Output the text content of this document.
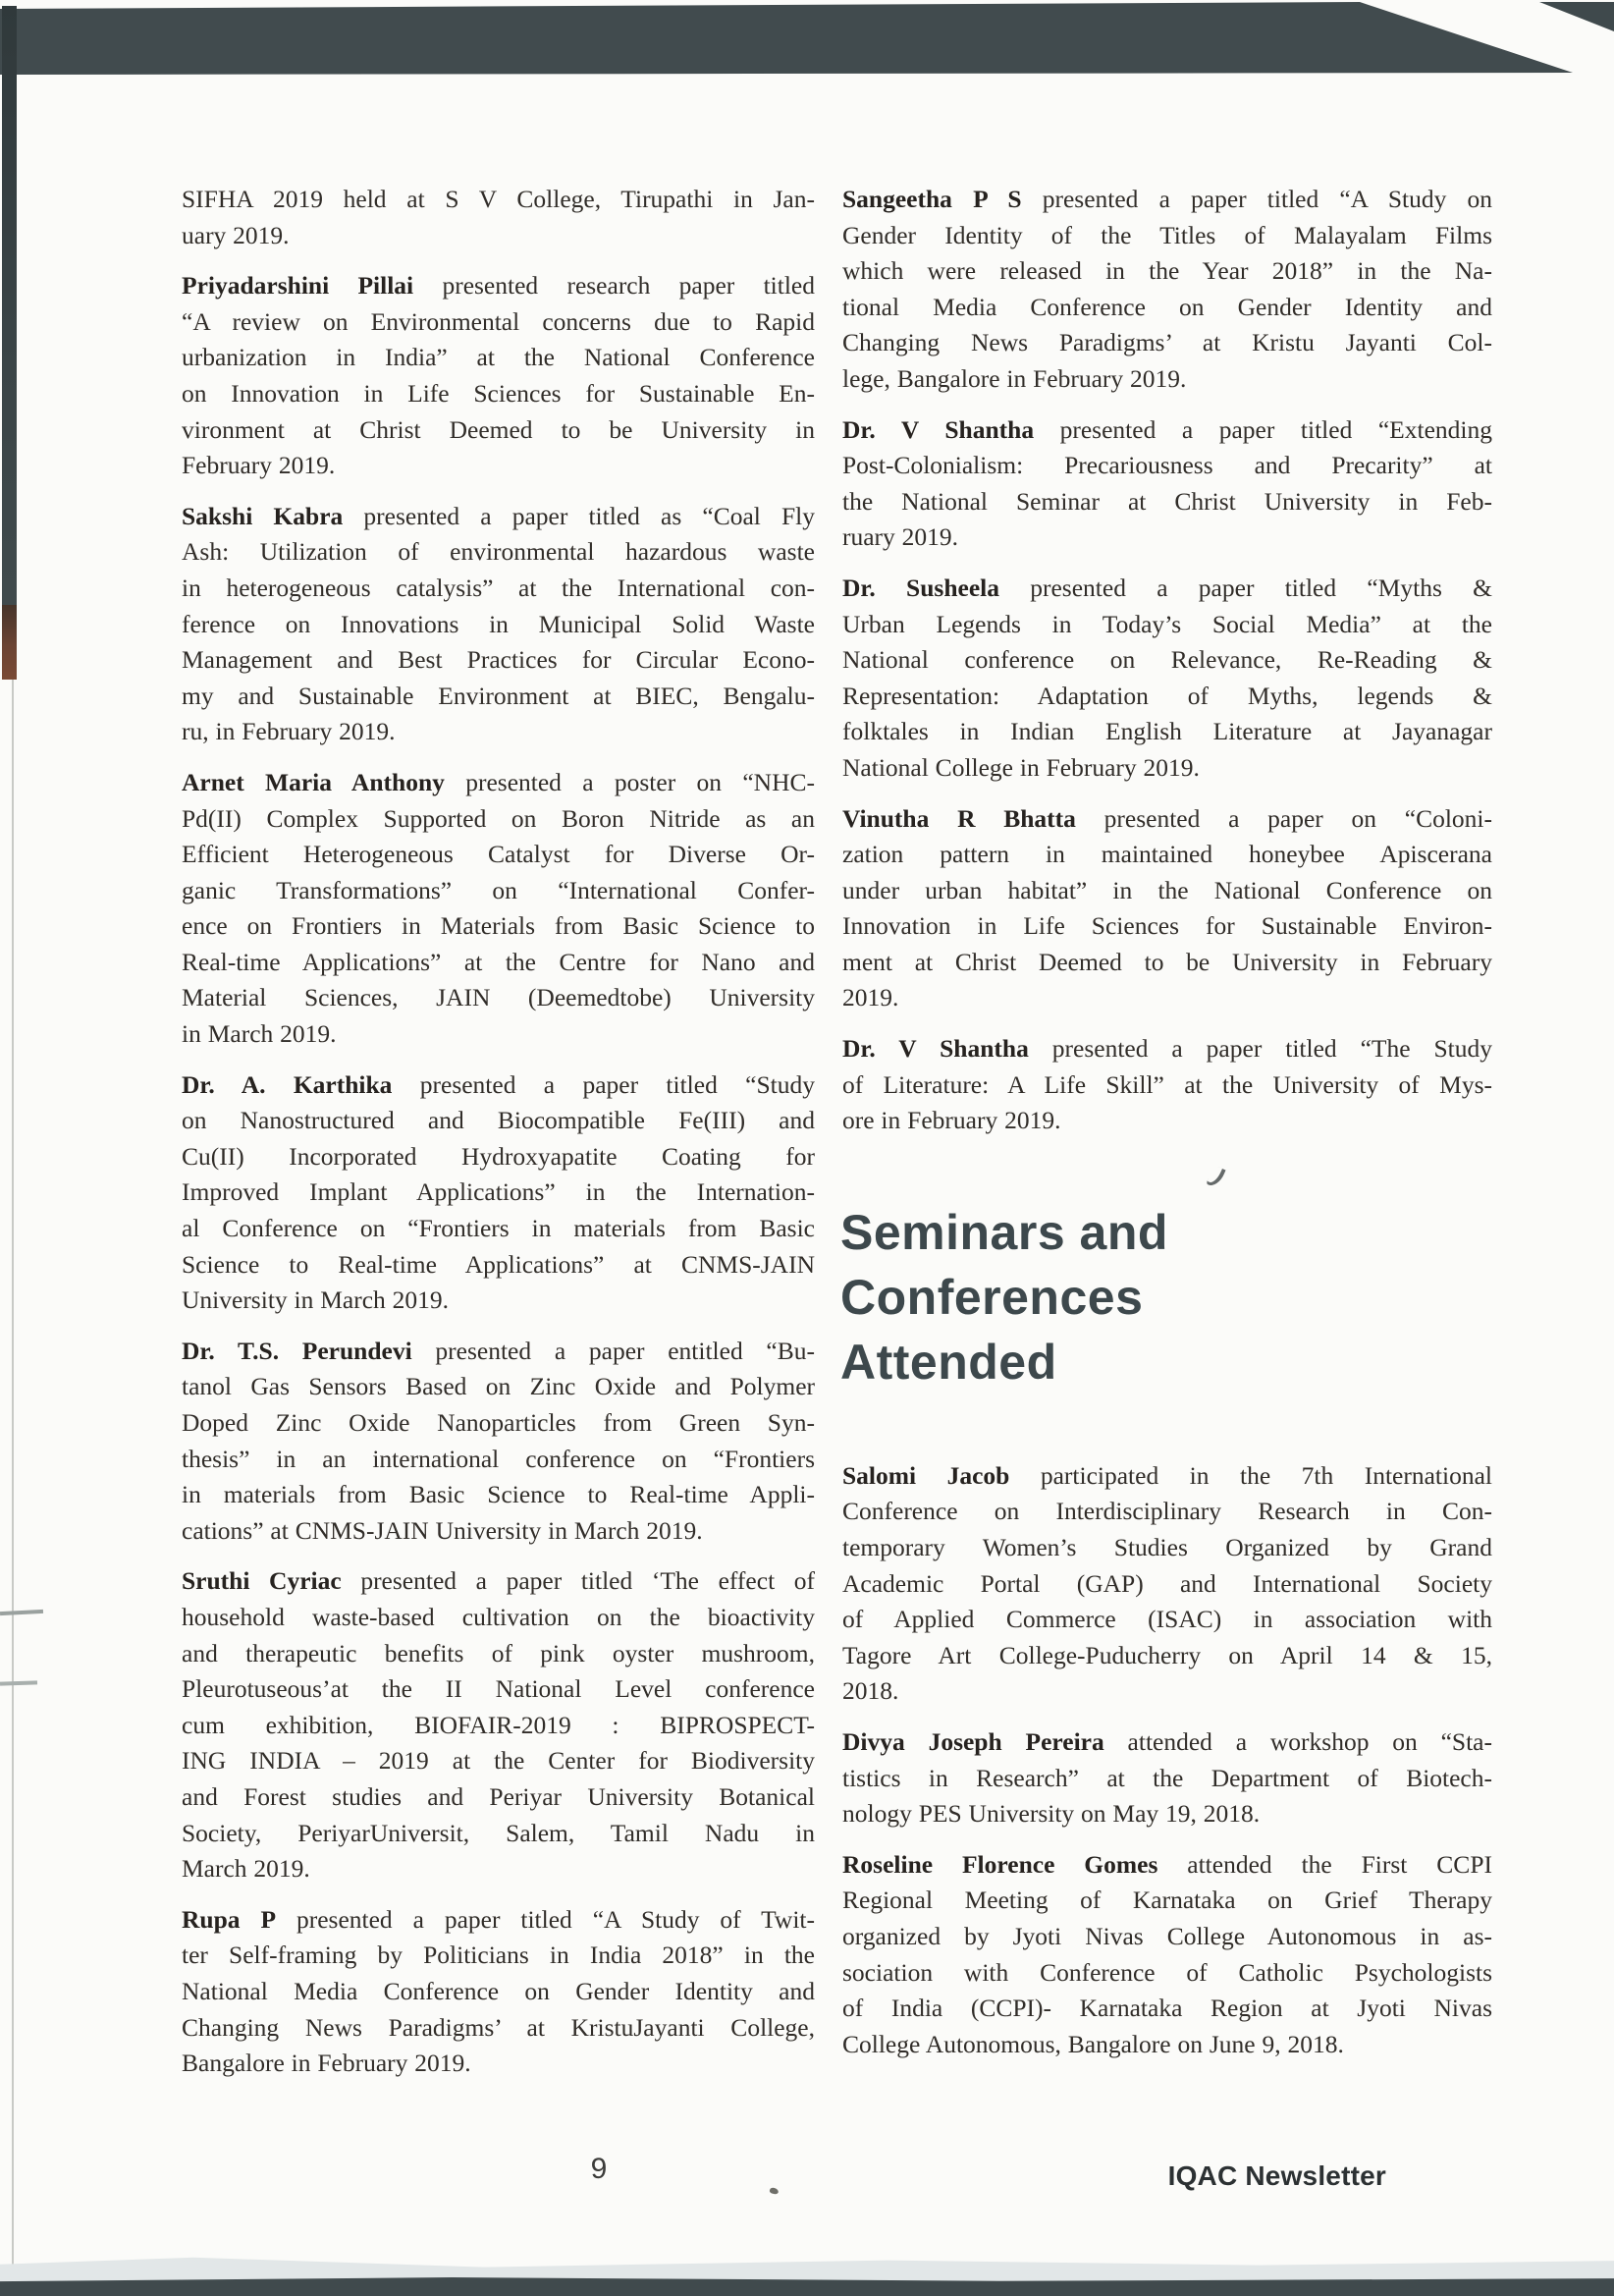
SIFHA 2019 held at S V College, Tirupathi in Jan-
uary 2019.
Priyadarshini Pillai presented research paper titled
“A review on Environmental concerns due to Rapid
urbanization in India” at the National Conference
on Innovation in Life Sciences for Sustainable En-
vironment at Christ Deemed to be University in
February 2019.
Sakshi Kabra presented a paper titled as “Coal Fly
Ash: Utilization of environmental hazardous waste
in heterogeneous catalysis” at the International con-
ference on Innovations in Municipal Solid Waste
Management and Best Practices for Circular Econo-
my and Sustainable Environment at BIEC, Bengalu-
ru, in February 2019.
Arnet Maria Anthony presented a poster on “NHC-
Pd(II) Complex Supported on Boron Nitride as an
Efficient Heterogeneous Catalyst for Diverse Or-
ganic Transformations” on “International Confer-
ence on Frontiers in Materials from Basic Science to
Real-time Applications” at the Centre for Nano and
Material Sciences, JAIN (Deemedtobe) University
in March 2019.
Dr. A. Karthika presented a paper titled “Study
on Nanostructured and Biocompatible Fe(III) and
Cu(II) Incorporated Hydroxyapatite Coating for
Improved Implant Applications” in the Internation-
al Conference on “Frontiers in materials from Basic
Science to Real-time Applications” at CNMS-JAIN
University in March 2019.
Dr. T.S. Perundevi presented a paper entitled “Bu-
tanol Gas Sensors Based on Zinc Oxide and Polymer
Doped Zinc Oxide Nanoparticles from Green Syn-
thesis” in an international conference on “Frontiers
in materials from Basic Science to Real-time Appli-
cations” at CNMS-JAIN University in March 2019.
Sruthi Cyriac presented a paper titled ‘The effect of
household waste-based cultivation on the bioactivity
and therapeutic benefits of pink oyster mushroom,
Pleurotuseous’at the II National Level conference
cum exhibition, BIOFAIR-2019 : BIPROSPECT-
ING INDIA – 2019 at the Center for Biodiversity
and Forest studies and Periyar University Botanical
Society, PeriyarUniversit, Salem, Tamil Nadu in
March 2019.
Rupa P presented a paper titled “A Study of Twit-
ter Self-framing by Politicians in India 2018” in the
National Media Conference on Gender Identity and
Changing News Paradigms’ at KristuJayanti College,
Bangalore in February 2019.
Sangeetha P S presented a paper titled “A Study on
Gender Identity of the Titles of Malayalam Films
which were released in the Year 2018” in the Na-
tional Media Conference on Gender Identity and
Changing News Paradigms’ at Kristu Jayanti Col-
lege, Bangalore in February 2019.
Dr. V Shantha presented a paper titled “Extending
Post-Colonialism: Precariousness and Precarity” at
the National Seminar at Christ University in Feb-
ruary 2019.
Dr. Susheela presented a paper titled “Myths &
Urban Legends in Today’s Social Media” at the
National conference on Relevance, Re-Reading &
Representation: Adaptation of Myths, legends &
folktales in Indian English Literature at Jayanagar
National College in February 2019.
Vinutha R Bhatta presented a paper on “Coloni-
zation pattern in maintained honeybee Apiscerana
under urban habitat” in the National Conference on
Innovation in Life Sciences for Sustainable Environ-
ment at Christ Deemed to be University in February
2019.
Dr. V Shantha presented a paper titled “The Study
of Literature: A Life Skill” at the University of Mys-
ore in February 2019.
Seminars and
Conferences
Attended
Salomi Jacob participated in the 7th International
Conference on Interdisciplinary Research in Con-
temporary Women’s Studies Organized by Grand
Academic Portal (GAP) and International Society
of Applied Commerce (ISAC) in association with
Tagore Art College-Puducherry on April 14 & 15,
2018.
Divya Joseph Pereira attended a workshop on “Sta-
tistics in Research” at the Department of Biotech-
nology PES University on May 19, 2018.
Roseline Florence Gomes attended the First CCPI
Regional Meeting of Karnataka on Grief Therapy
organized by Jyoti Nivas College Autonomous in as-
sociation with Conference of Catholic Psychologists
of India (CCPI)- Karnataka Region at Jyoti Nivas
College Autonomous, Bangalore on June 9, 2018.
9	IQAC Newsletter
